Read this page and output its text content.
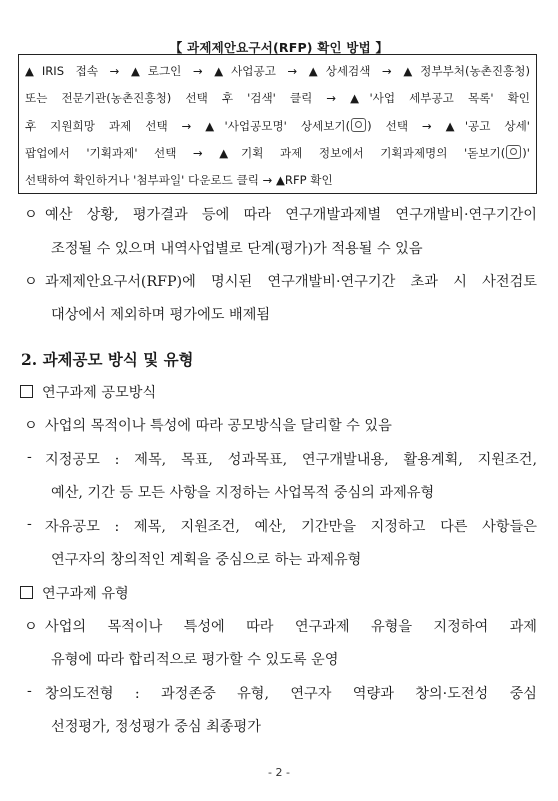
【 과제제안요구서(RFP) 확인 방법 】
▲IRIS 접속 → ▲로그인 → ▲사업공고 → ▲상세검색 → ▲정부부처(농촌진흥청)
또는 전문기관(농촌진흥청) 선택 후 '검색' 클릭 → ▲'사업 세부공고 목록' 확인
후 지원희망 과제 선택 → ▲'사업공모명' 상세보기( ) 선택 → ▲'공고 상세'
팝업에서 '기획과제' 선택 → ▲기획 과제 정보에서 기획과제명의 '돋보기( )'
선택하여 확인하거나 '첨부파일' 다운로드 클릭 → ▲RFP 확인
ㅇ 예산 상황, 평가결과 등에 따라 연구개발과제별 연구개발비·연구기간이
조정될 수 있으며 내역사업별로 단계(평가)가 적용될 수 있음
ㅇ 과제제안요구서(RFP)에 명시된 연구개발비·연구기간 초과 시 사전검토
대상에서 제외하며 평가에도 배제됨
2. 과제공모 방식 및 유형
연구과제 공모방식
ㅇ 사업의 목적이나 특성에 따라 공모방식을 달리할 수 있음
- 지정공모 : 제목, 목표, 성과목표, 연구개발내용, 활용계획, 지원조건,
예산, 기간 등 모든 사항을 지정하는 사업목적 중심의 과제유형
- 자유공모 : 제목, 지원조건, 예산, 기간만을 지정하고 다른 사항들은
연구자의 창의적인 계획을 중심으로 하는 과제유형
연구과제 유형
ㅇ 사업의 목적이나 특성에 따라 연구과제 유형을 지정하여 과제
유형에 따라 합리적으로 평가할 수 있도록 운영
- 창의도전형 : 과정존중 유형, 연구자 역량과 창의·도전성 중심
선정평가, 정성평가 중심 최종평가
- 2 -
